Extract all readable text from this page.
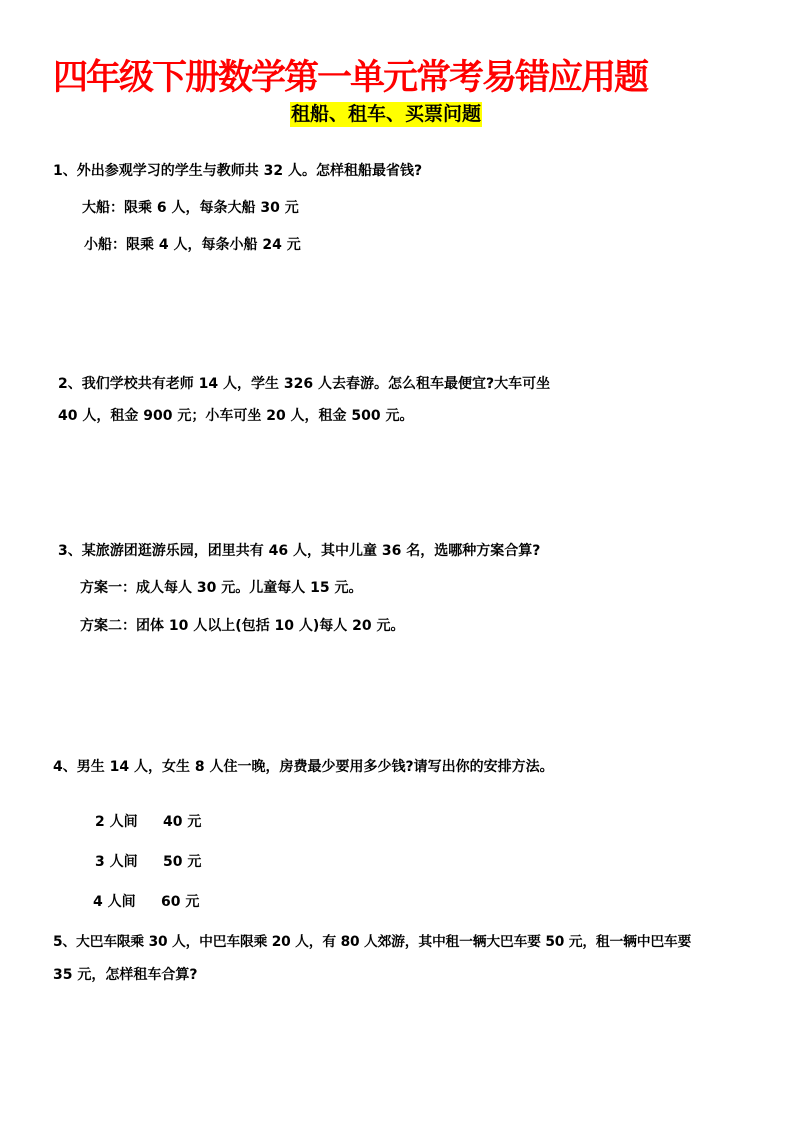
四年级下册数学第一单元常考易错应用题
租船、租车、买票问题
1、外出参观学习的学生与教师共 32 人。怎样租船最省钱?
大船：限乘 6 人，每条大船 30 元
小船：限乘 4 人，每条小船 24 元
2、我们学校共有老师 14 人，学生 326 人去春游。怎么租车最便宜?大车可坐
40 人，租金 900 元；小车可坐 20 人，租金 500 元。
3、某旅游团逛游乐园，团里共有 46 人，其中儿童 36 名，选哪种方案合算?
方案一：成人每人 30 元。儿童每人 15 元。
方案二：团体 10 人以上(包括 10 人)每人 20 元。
4、男生 14 人，女生 8 人住一晚，房费最少要用多少钱?请写出你的安排方法。
2 人间 40 元
3 人间 50 元
4 人间 60 元
5、大巴车限乘 30 人，中巴车限乘 20 人，有 80 人郊游，其中租一辆大巴车要 50 元，租一辆中巴车要
35 元，怎样租车合算?
